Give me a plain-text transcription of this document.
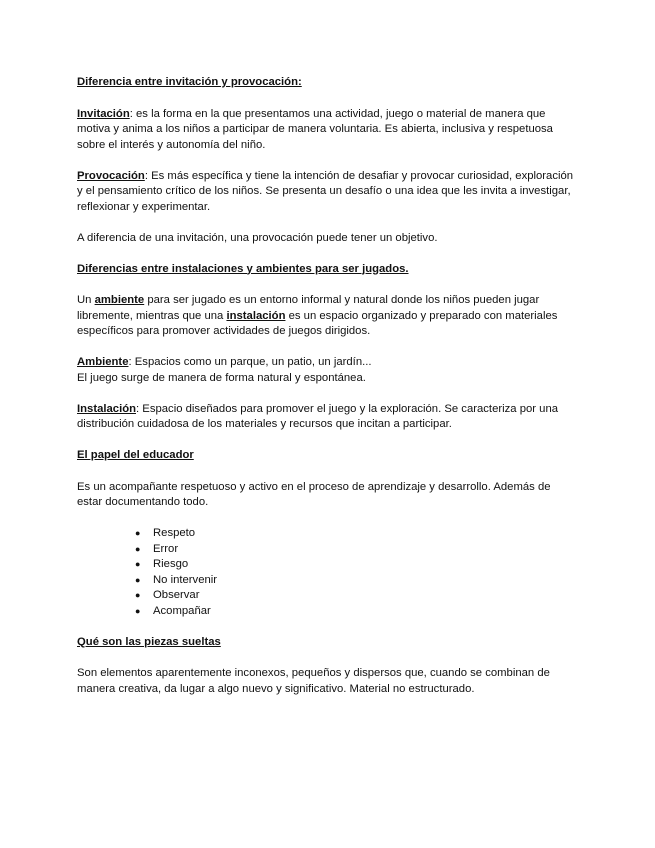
Diferencia entre invitación y provocación:

Invitación: es la forma en la que presentamos una actividad, juego o material de manera que motiva y anima a los niños a participar de manera voluntaria. Es abierta, inclusiva y respetuosa sobre el interés y autonomía del niño.

Provocación: Es más específica y tiene la intención de desafiar y provocar curiosidad, exploración y el pensamiento crítico de los niños. Se presenta un desafío o una idea que les invita a investigar, reflexionar y experimentar.

A diferencia de una invitación, una provocación puede tener un objetivo.

Diferencias entre instalaciones y ambientes para ser jugados.

Un ambiente para ser jugado es un entorno informal y natural donde los niños pueden jugar libremente, mientras que una instalación es un espacio organizado y preparado con materiales específicos para promover actividades de juegos dirigidos.

Ambiente: Espacios como un parque, un patio, un jardín...

El juego surge de manera de forma natural y espontánea.

Instalación: Espacio diseñados para promover el juego y la exploración. Se caracteriza por una distribución cuidadosa de los materiales y recursos que incitan a participar.

El papel del educador

Es un acompañante respetuoso y activo en el proceso de aprendizaje y desarrollo. Además de estar documentando todo.

● Respeto
● Error
● Riesgo
● No intervenir
● Observar
● Acompañar

Qué son las piezas sueltas

Son elementos aparentemente inconexos, pequeños y dispersos que, cuando se combinan de manera creativa, da lugar a algo nuevo y significativo. Material no estructurado.
